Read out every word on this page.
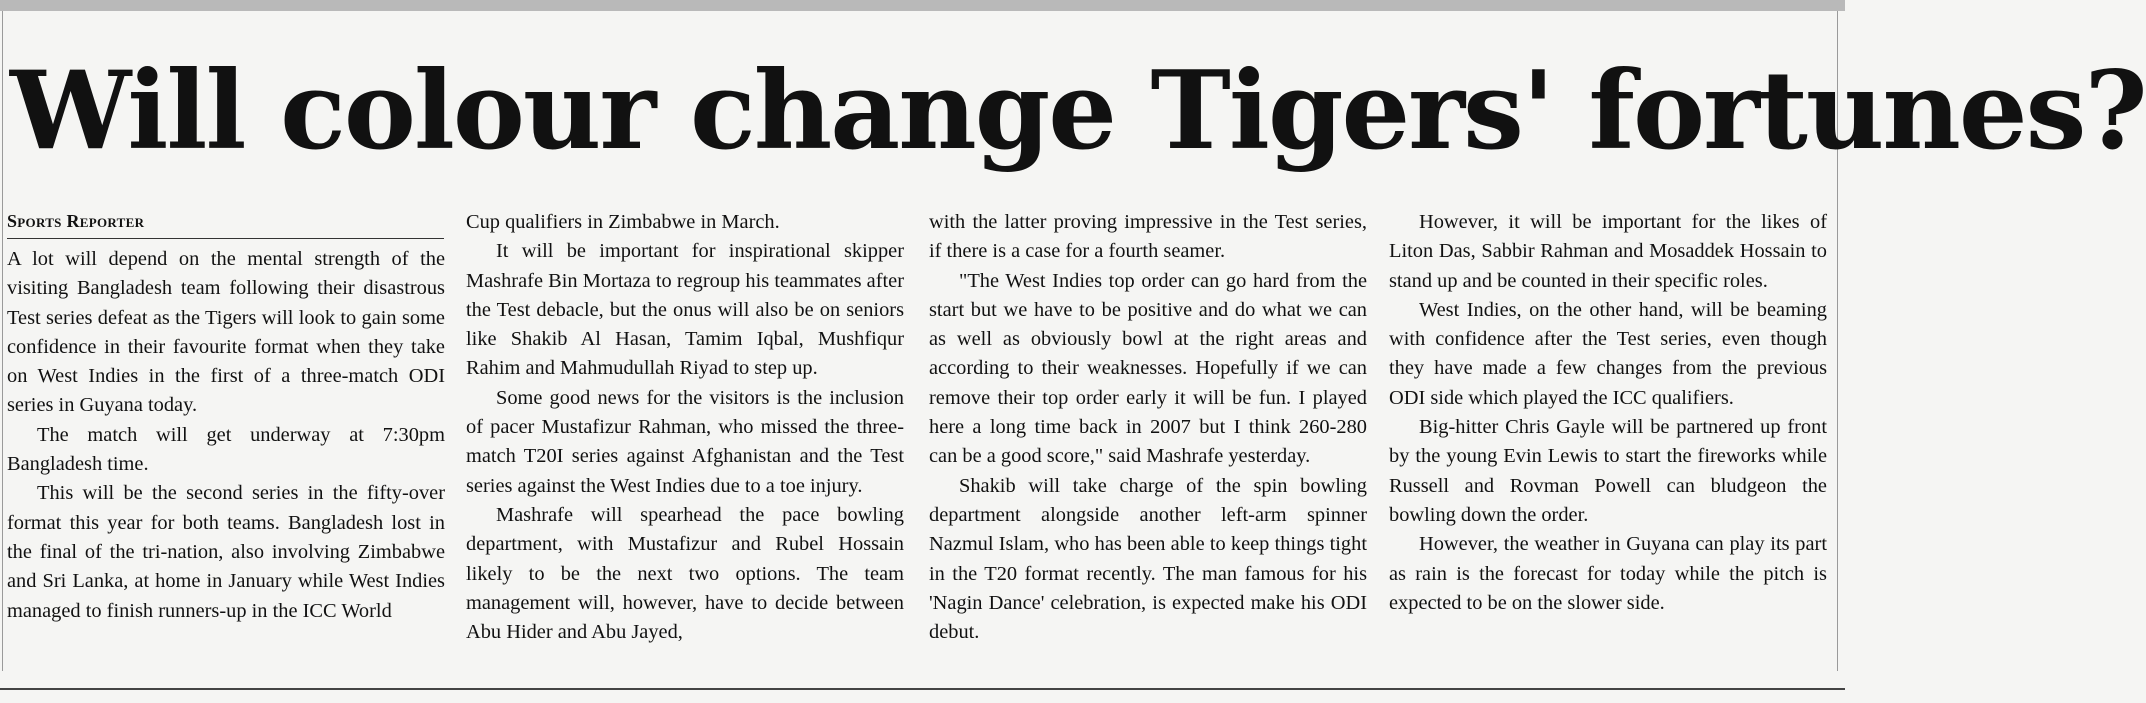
Will colour change Tigers' fortunes?
Sports Reporter

A lot will depend on the mental strength of the visiting Bangladesh team following their disastrous Test series defeat as the Tigers will look to gain some confidence in their favourite format when they take on West Indies in the first of a three-match ODI series in Guyana today.

The match will get underway at 7:30pm Bangladesh time.

This will be the second series in the fifty-over format this year for both teams. Bangladesh lost in the final of the tri-nation, also involving Zimbabwe and Sri Lanka, at home in January while West Indies managed to finish runners-up in the ICC World

Cup qualifiers in Zimbabwe in March.

It will be important for inspirational skipper Mashrafe Bin Mortaza to regroup his teammates after the Test debacle, but the onus will also be on seniors like Shakib Al Hasan, Tamim Iqbal, Mushfiqur Rahim and Mahmudullah Riyad to step up.

Some good news for the visitors is the inclusion of pacer Mustafizur Rahman, who missed the three-match T20I series against Afghanistan and the Test series against the West Indies due to a toe injury.

Mashrafe will spearhead the pace bowling department, with Mustafizur and Rubel Hossain likely to be the next two options. The team management will, however, have to decide between Abu Hider and Abu Jayed,

with the latter proving impressive in the Test series, if there is a case for a fourth seamer.

"The West Indies top order can go hard from the start but we have to be positive and do what we can as well as obviously bowl at the right areas and according to their weaknesses. Hopefully if we can remove their top order early it will be fun. I played here a long time back in 2007 but I think 260-280 can be a good score," said Mashrafe yesterday.

Shakib will take charge of the spin bowling department alongside another left-arm spinner Nazmul Islam, who has been able to keep things tight in the T20 format recently. The man famous for his 'Nagin Dance' celebration, is expected make his ODI debut.

However, it will be important for the likes of Liton Das, Sabbir Rahman and Mosaddek Hossain to stand up and be counted in their specific roles.

West Indies, on the other hand, will be beaming with confidence after the Test series, even though they have made a few changes from the previous ODI side which played the ICC qualifiers.

Big-hitter Chris Gayle will be partnered up front by the young Evin Lewis to start the fireworks while Russell and Rovman Powell can bludgeon the bowling down the order.

However, the weather in Guyana can play its part as rain is the forecast for today while the pitch is expected to be on the slower side.
